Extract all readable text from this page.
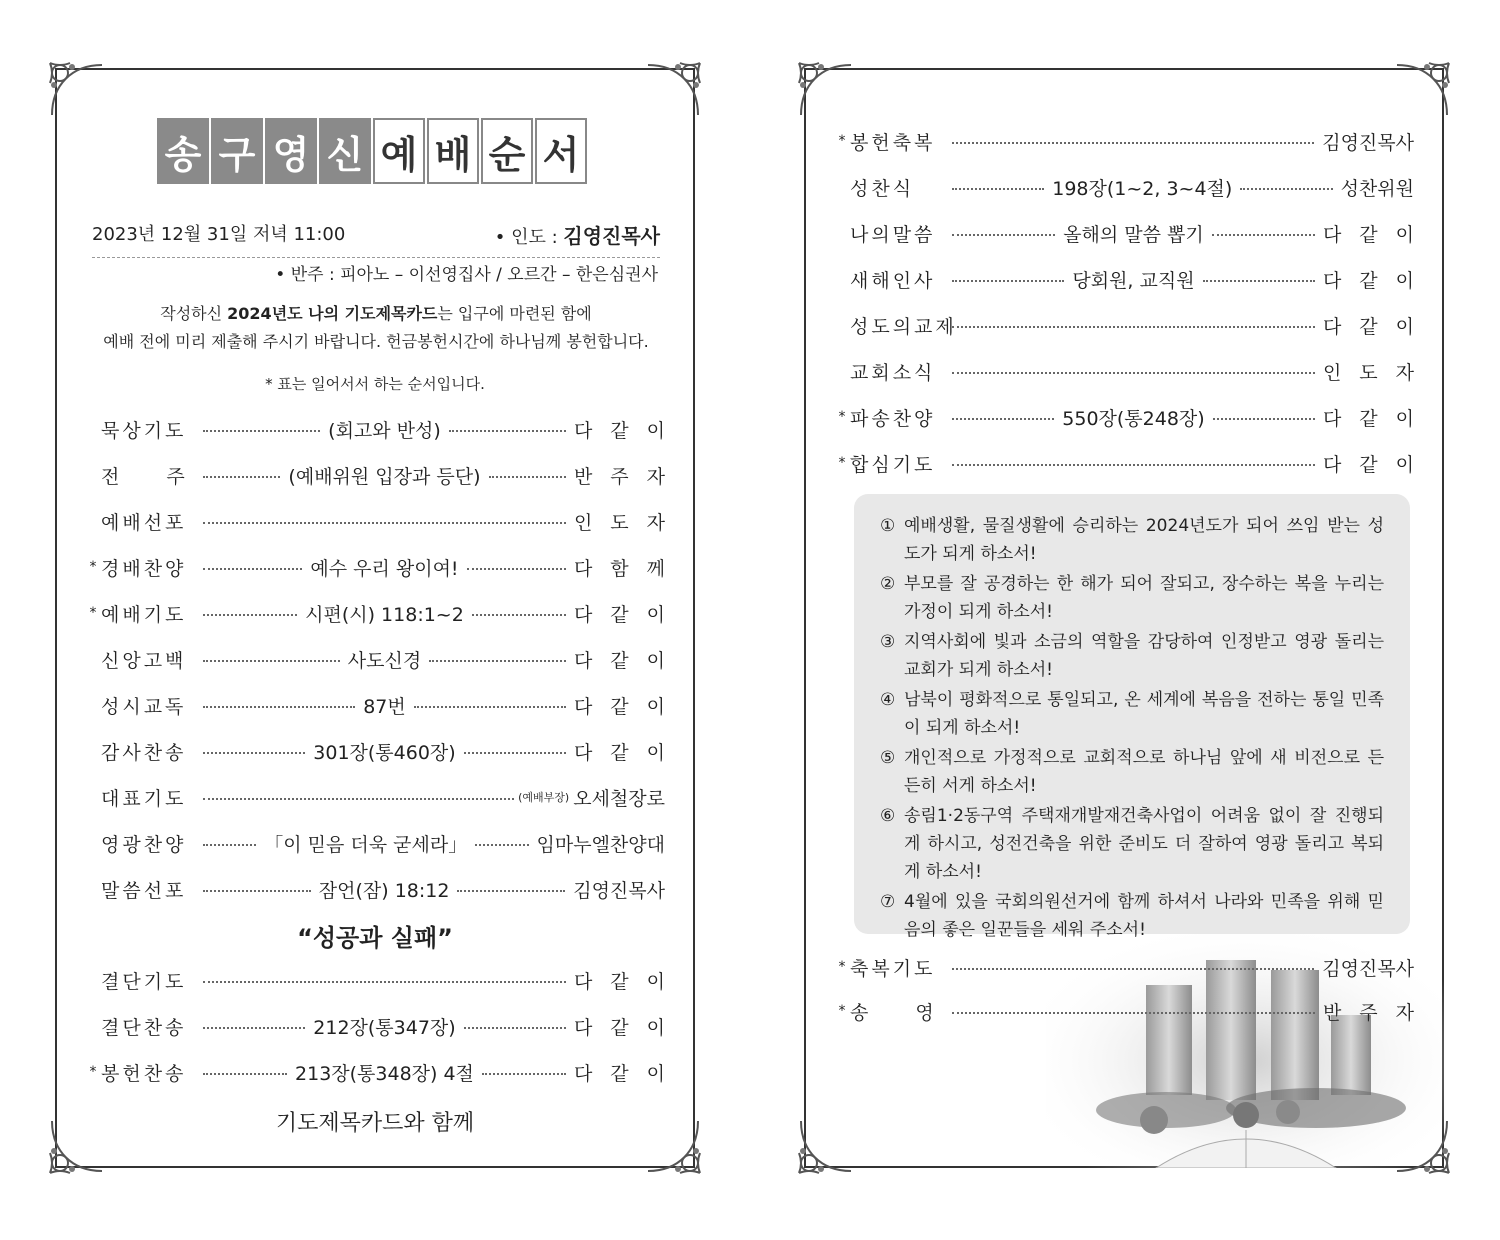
송 구 영 신 예 배 순 서
2023년 12월 31일 저녁 11:00	• 인도 : 김영진목사
• 반주 : 피아노 – 이선영집사 / 오르간 – 한은심권사
작성하신 2024년도 나의 기도제목카드는 입구에 마련된 함에
예배 전에 미리 제출해 주시기 바랍니다. 헌금봉헌시간에 하나님께 봉헌합니다.
* 표는 일어서서 하는 순서입니다.
묵상기도	(회고와 반성)	다같이
전　　주	(예배위원 입장과 등단)	반주자
예배선포	인도자
* 경배찬양	예수 우리 왕이여!	다함께
* 예배기도	시편(시) 118:1~2	다같이
신앙고백	사도신경	다같이
성시교독	87번	다같이
감사찬송	301장(통460장)	다같이
대표기도	(예배부장) 오세철장로
영광찬양	「이 믿음 더욱 굳세라」	임마누엘찬양대
말씀선포	잠언(잠) 18:12	김영진목사
“성공과 실패”
결단기도	다같이
결단찬송	212장(통347장)	다같이
* 봉헌찬송	213장(통348장) 4절	다같이
기도제목카드와 함께
* 봉헌축복	김영진목사
성찬식	198장(1~2, 3~4절)	성찬위원
나의말씀	올해의 말씀 뽑기	다같이
새해인사	당회원, 교직원	다같이
성도의교제	다같이
교회소식	인도자
* 파송찬양	550장(통248장)	다같이
* 합심기도	다같이
① 예배생활, 물질생활에 승리하는 2024년도가 되어 쓰임 받는 성도가 되게 하소서!
② 부모를 잘 공경하는 한 해가 되어 잘되고, 장수하는 복을 누리는 가정이 되게 하소서!
③ 지역사회에 빛과 소금의 역할을 감당하여 인정받고 영광 돌리는 교회가 되게 하소서!
④ 남북이 평화적으로 통일되고, 온 세계에 복음을 전하는 통일 민족이 되게 하소서!
⑤ 개인적으로 가정적으로 교회적으로 하나님 앞에 새 비전으로 든든히 서게 하소서!
⑥ 송림1·2동구역 주택재개발재건축사업이 어려움 없이 잘 진행되게 하시고, 성전건축을 위한 준비도 더 잘하여 영광 돌리고 복되게 하소서!
⑦ 4월에 있을 국회의원선거에 함께 하셔서 나라와 민족을 위해 믿음의 좋은 일꾼들을 세워 주소서!
* 축복기도	김영진목사
* 송　　영	반주자
